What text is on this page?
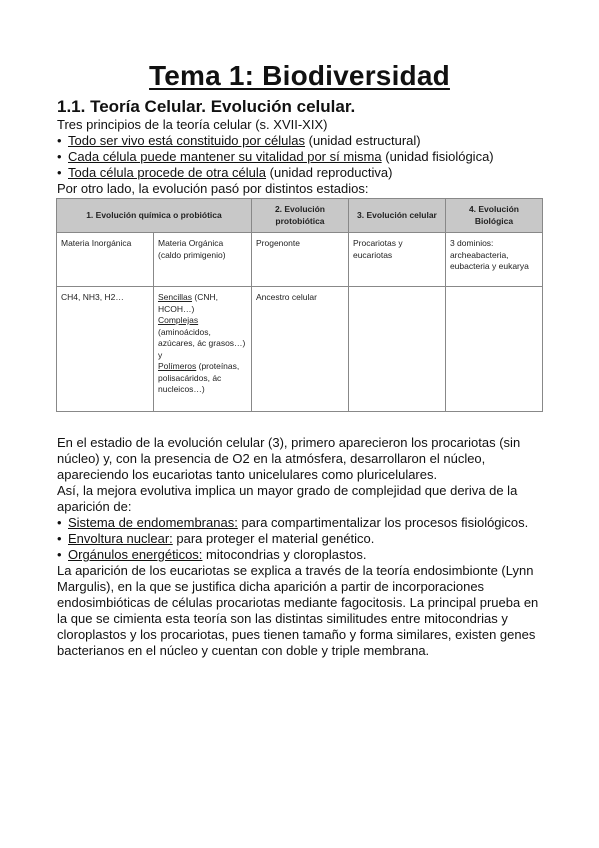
Tema 1: Biodiversidad
1.1. Teoría Celular. Evolución celular.

Tres principios de la teoría celular (s. XVII-XIX)

• Todo ser vivo está constituido por células (unidad estructural)
• Cada célula puede mantener su vitalidad por sí misma (unidad fisiológica)
• Toda célula procede de otra célula (unidad reproductiva)

Por otro lado, la evolución pasó por distintos estadios:

1. Evolución química o probiótica		2. Evolución protobiótica	3. Evolución celular	4. Evolución Biológica
Materia Inorgánica	Materia Orgánica (caldo primigenio)	Progenonte	Procariotas y eucariotas	3 dominios: archeabacteria, eubacteria y eukarya
CH4, NH3, H2…	Sencillas (CNH, HCOH…)
Complejas (aminoácidos, azúcares, ác grasos…) y
Polímeros (proteínas, polisacáridos, ác nucleicos…)	Ancestro celular		

En el estadio de la evolución celular (3), primero aparecieron los procariotas (sin núcleo) y, con la presencia de O2 en la atmósfera, desarrollaron el núcleo, apareciendo los eucariotas tanto unicelulares como pluricelulares.

Así, la mejora evolutiva implica un mayor grado de complejidad que deriva de la aparición de:

• Sistema de endomembranas: para compartimentalizar los procesos fisiológicos.
• Envoltura nuclear: para proteger el material genético.
• Orgánulos energéticos: mitocondrias y cloroplastos.

La aparición de los eucariotas se explica a través de la teoría endosimbionte (Lynn Margulis), en la que se justifica dicha aparición a partir de incorporaciones endosimbióticas de células procariotas mediante fagocitosis. La principal prueba en la que se cimienta esta teoría son las distintas similitudes entre mitocondrias y cloroplastos y los procariotas, pues tienen tamaño y forma similares, existen genes bacterianos en el núcleo y cuentan con doble y triple membrana.
